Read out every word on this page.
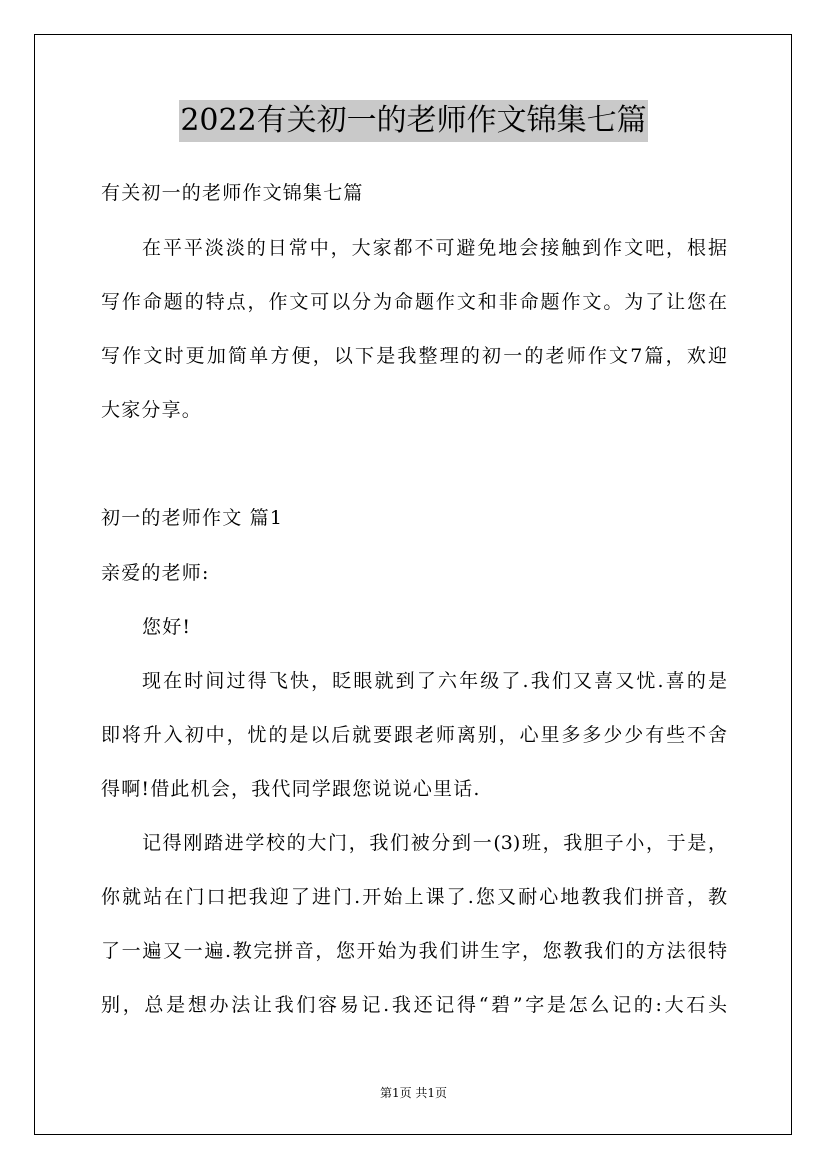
2022有关初一的老师作文锦集七篇
有关初一的老师作文锦集七篇
在平平淡淡的日常中，大家都不可避免地会接触到作文吧，根据
写作命题的特点，作文可以分为命题作文和非命题作文。为了让您在
写作文时更加简单方便，以下是我整理的初一的老师作文7篇，欢迎
大家分享。
初一的老师作文 篇1
亲爱的老师:
您好!
现在时间过得飞快，眨眼就到了六年级了.我们又喜又忧.喜的是
即将升入初中，忧的是以后就要跟老师离别，心里多多少少有些不舍
得啊!借此机会，我代同学跟您说说心里话.
记得刚踏进学校的大门，我们被分到一(3)班，我胆子小，于是，
你就站在门口把我迎了进门.开始上课了.您又耐心地教我们拼音，教
了一遍又一遍.教完拼音，您开始为我们讲生字，您教我们的方法很特
别，总是想办法让我们容易记.我还记得“碧”字是怎么记的:大石头
第1页 共1页
